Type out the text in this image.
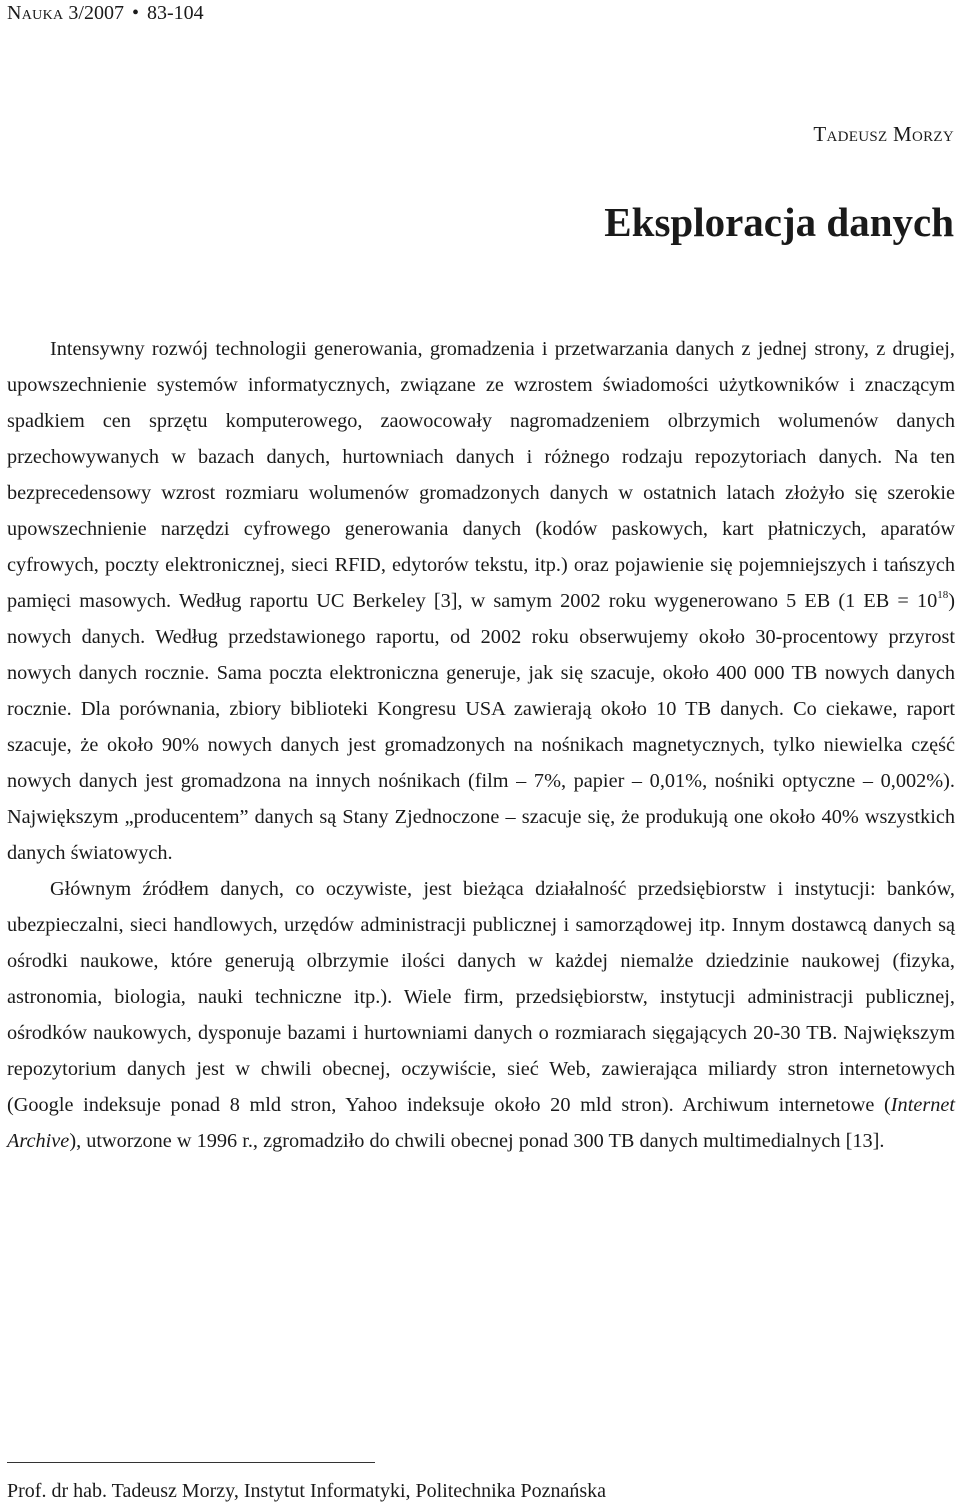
Nauka 3/2007 • 83-104
Tadeusz Morzy
Eksploracja danych

Intensywny rozwój technologii generowania, gromadzenia i przetwarzania danych z jednej strony, z drugiej, upowszechnienie systemów informatycznych, związane ze wzrostem świadomości użytkowników i znaczącym spadkiem cen sprzętu komputerowego, zaowocowały nagromadzeniem olbrzymich wolumenów danych przechowywanych w bazach danych, hurtowniach danych i różnego rodzaju repozytoriach danych. Na ten bezprecedensowy wzrost rozmiaru wolumenów gromadzonych danych w ostatnich latach złożyło się szerokie upowszechnienie narzędzi cyfrowego generowania danych (kodów paskowych, kart płatniczych, aparatów cyfrowych, poczty elektronicznej, sieci RFID, edytorów tekstu, itp.) oraz pojawienie się pojemniejszych i tańszych pamięci masowych. Według raportu UC Berkeley [3], w samym 2002 roku wygenerowano 5 EB (1 EB = $10^{18}$) nowych danych. Według przedstawionego raportu, od 2002 roku obserwujemy około 30-procentowy przyrost nowych danych rocznie. Sama poczta elektroniczna generuje, jak się szacuje, około 400 000 TB nowych danych rocznie. Dla porównania, zbiory biblioteki Kongresu USA zawierają około 10 TB danych. Co ciekawe, raport szacuje, że około 90% nowych danych jest gromadzonych na nośnikach magnetycznych, tylko niewielka część nowych danych jest gromadzona na innych nośnikach (film – 7%, papier – 0,01%, nośniki optyczne – 0,002%). Największym „producentem” danych są Stany Zjednoczone – szacuje się, że produkują one około 40% wszystkich danych światowych.

Głównym źródłem danych, co oczywiste, jest bieżąca działalność przedsiębiorstw i instytucji: banków, ubezpieczalni, sieci handlowych, urzędów administracji publicznej i samorządowej itp. Innym dostawcą danych są ośrodki naukowe, które generują olbrzymie ilości danych w każdej niemalże dziedzinie naukowej (fizyka, astronomia, biologia, nauki techniczne itp.). Wiele firm, przedsiębiorstw, instytucji administracji publicznej, ośrodków naukowych, dysponuje bazami i hurtowniami danych o rozmiarach sięgających 20-30 TB. Największym repozytorium danych jest w chwili obecnej, oczywiście, sieć Web, zawierająca miliardy stron internetowych (Google indeksuje ponad 8 mld stron, Yahoo indeksuje około 20 mld stron). Archiwum internetowe (Internet Archive), utworzone w 1996 r., zgromadziło do chwili obecnej ponad 300 TB danych multimedialnych [13].

Prof. dr hab. Tadeusz Morzy, Instytut Informatyki, Politechnika Poznańska
